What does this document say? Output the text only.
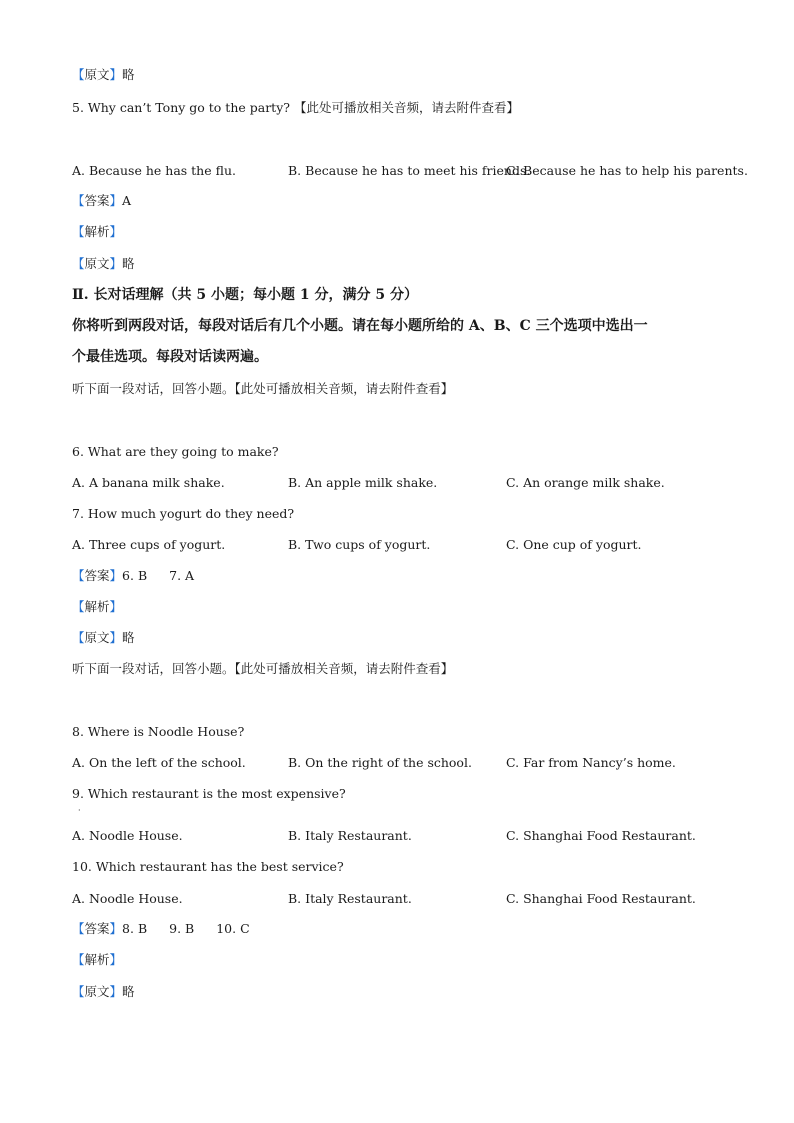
【原文】略
5. Why can’t Tony go to the party? 【此处可播放相关音频，请去附件查看】
A. Because he has the flu.	B. Because he has to meet his friends.
C. Because he has to help his parents.
【答案】A
【解析】
【原文】略
Ⅱ. 长对话理解（共 5 小题；每小题 1 分，满分 5 分）
你将听到两段对话，每段对话后有几个小题。请在每小题所给的 A、B、C 三个选项中选出一
个最佳选项。每段对话读两遍。
听下面一段对话，回答小题。【此处可播放相关音频，请去附件查看】
6. What are they going to make?
A. A banana milk shake.	B. An apple milk shake.	C. An orange milk shake.
7. How much yogurt do they need?
A. Three cups of yogurt.	B. Two cups of yogurt.	C. One cup of yogurt.
【答案】6. B 7. A
【解析】
【原文】略
听下面一段对话，回答小题。【此处可播放相关音频，请去附件查看】
8. Where is Noodle House?
A. On the left of the school.	B. On the right of the school.	C. Far from Nancy’s home.
9. Which restaurant is the most expensive?
·
A. Noodle House.	B. Italy Restaurant.	C. Shanghai Food Restaurant.
10. Which restaurant has the best service?
A. Noodle House.	B. Italy Restaurant.	C. Shanghai Food Restaurant.
【答案】8. B 9. B 10. C
【解析】
【原文】略
